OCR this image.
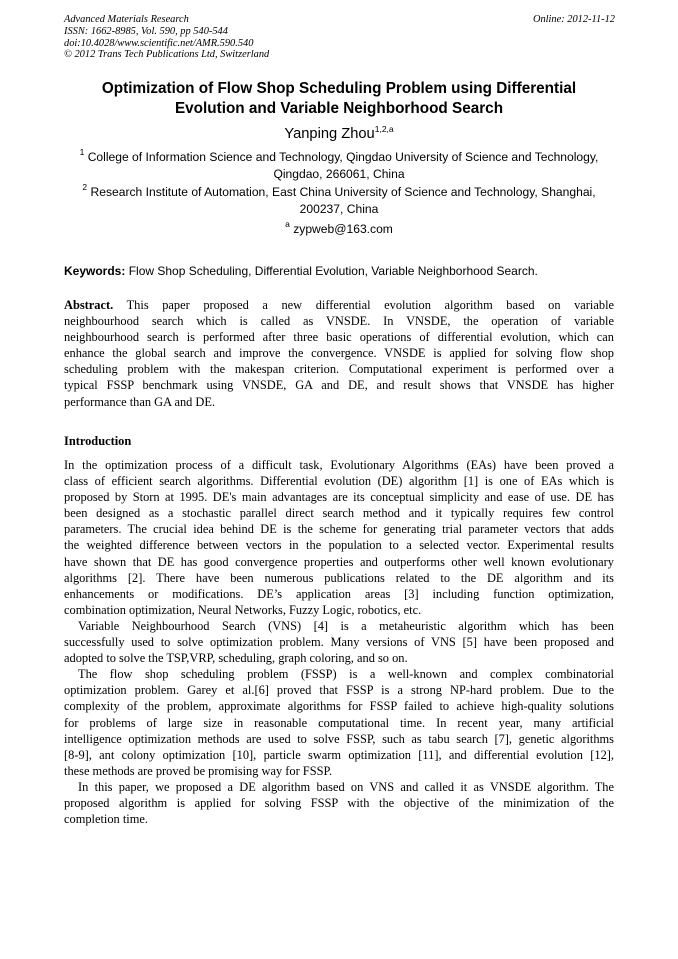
Advanced Materials Research
ISSN: 1662-8985, Vol. 590, pp 540-544
doi:10.4028/www.scientific.net/AMR.590.540
© 2012 Trans Tech Publications Ltd, Switzerland
Online: 2012-11-12
Optimization of Flow Shop Scheduling Problem using Differential
Evolution and Variable Neighborhood Search
Yanping Zhou$^{1,2,a}$
$^1$ College of Information Science and Technology, Qingdao University of Science and Technology,
Qingdao, 266061, China
$^2$ Research Institute of Automation, East China University of Science and Technology, Shanghai,
200237, China
$^a$ zypweb@163.com
Keywords: Flow Shop Scheduling, Differential Evolution, Variable Neighborhood Search.
Abstract. This paper proposed a new differential evolution algorithm based on variable
neighbourhood search which is called as VNSDE. In VNSDE, the operation of variable
neighbourhood search is performed after three basic operations of differential evolution, which can
enhance the global search and improve the convergence. VNSDE is applied for solving flow shop
scheduling problem with the makespan criterion. Computational experiment is performed over a
typical FSSP benchmark using VNSDE, GA and DE, and result shows that VNSDE has higher
performance than GA and DE.
Introduction
In the optimization process of a difficult task, Evolutionary Algorithms (EAs) have been proved a
class of efficient search algorithms. Differential evolution (DE) algorithm [1] is one of EAs which is
proposed by Storn at 1995. DE's main advantages are its conceptual simplicity and ease of use. DE has
been designed as a stochastic parallel direct search method and it typically requires few control
parameters. The crucial idea behind DE is the scheme for generating trial parameter vectors that adds
the weighted difference between vectors in the population to a selected vector. Experimental results
have shown that DE has good convergence properties and outperforms other well known evolutionary
algorithms [2]. There have been numerous publications related to the DE algorithm and its
enhancements or modifications. DE’s application areas [3] including function optimization,
combination optimization, Neural Networks, Fuzzy Logic, robotics, etc.
Variable Neighbourhood Search (VNS) [4] is a metaheuristic algorithm which has been
successfully used to solve optimization problem. Many versions of VNS [5] have been proposed and
adopted to solve the TSP,VRP, scheduling, graph coloring, and so on.
The flow shop scheduling problem (FSSP) is a well-known and complex combinatorial
optimization problem. Garey et al.[6] proved that FSSP is a strong NP-hard problem. Due to the
complexity of the problem, approximate algorithms for FSSP failed to achieve high-quality solutions
for problems of large size in reasonable computational time. In recent year, many artificial
intelligence optimization methods are used to solve FSSP, such as tabu search [7], genetic algorithms
[8-9], ant colony optimization [10], particle swarm optimization [11], and differential evolution [12],
these methods are proved be promising way for FSSP.
In this paper, we proposed a DE algorithm based on VNS and called it as VNSDE algorithm. The
proposed algorithm is applied for solving FSSP with the objective of the minimization of the
completion time.
